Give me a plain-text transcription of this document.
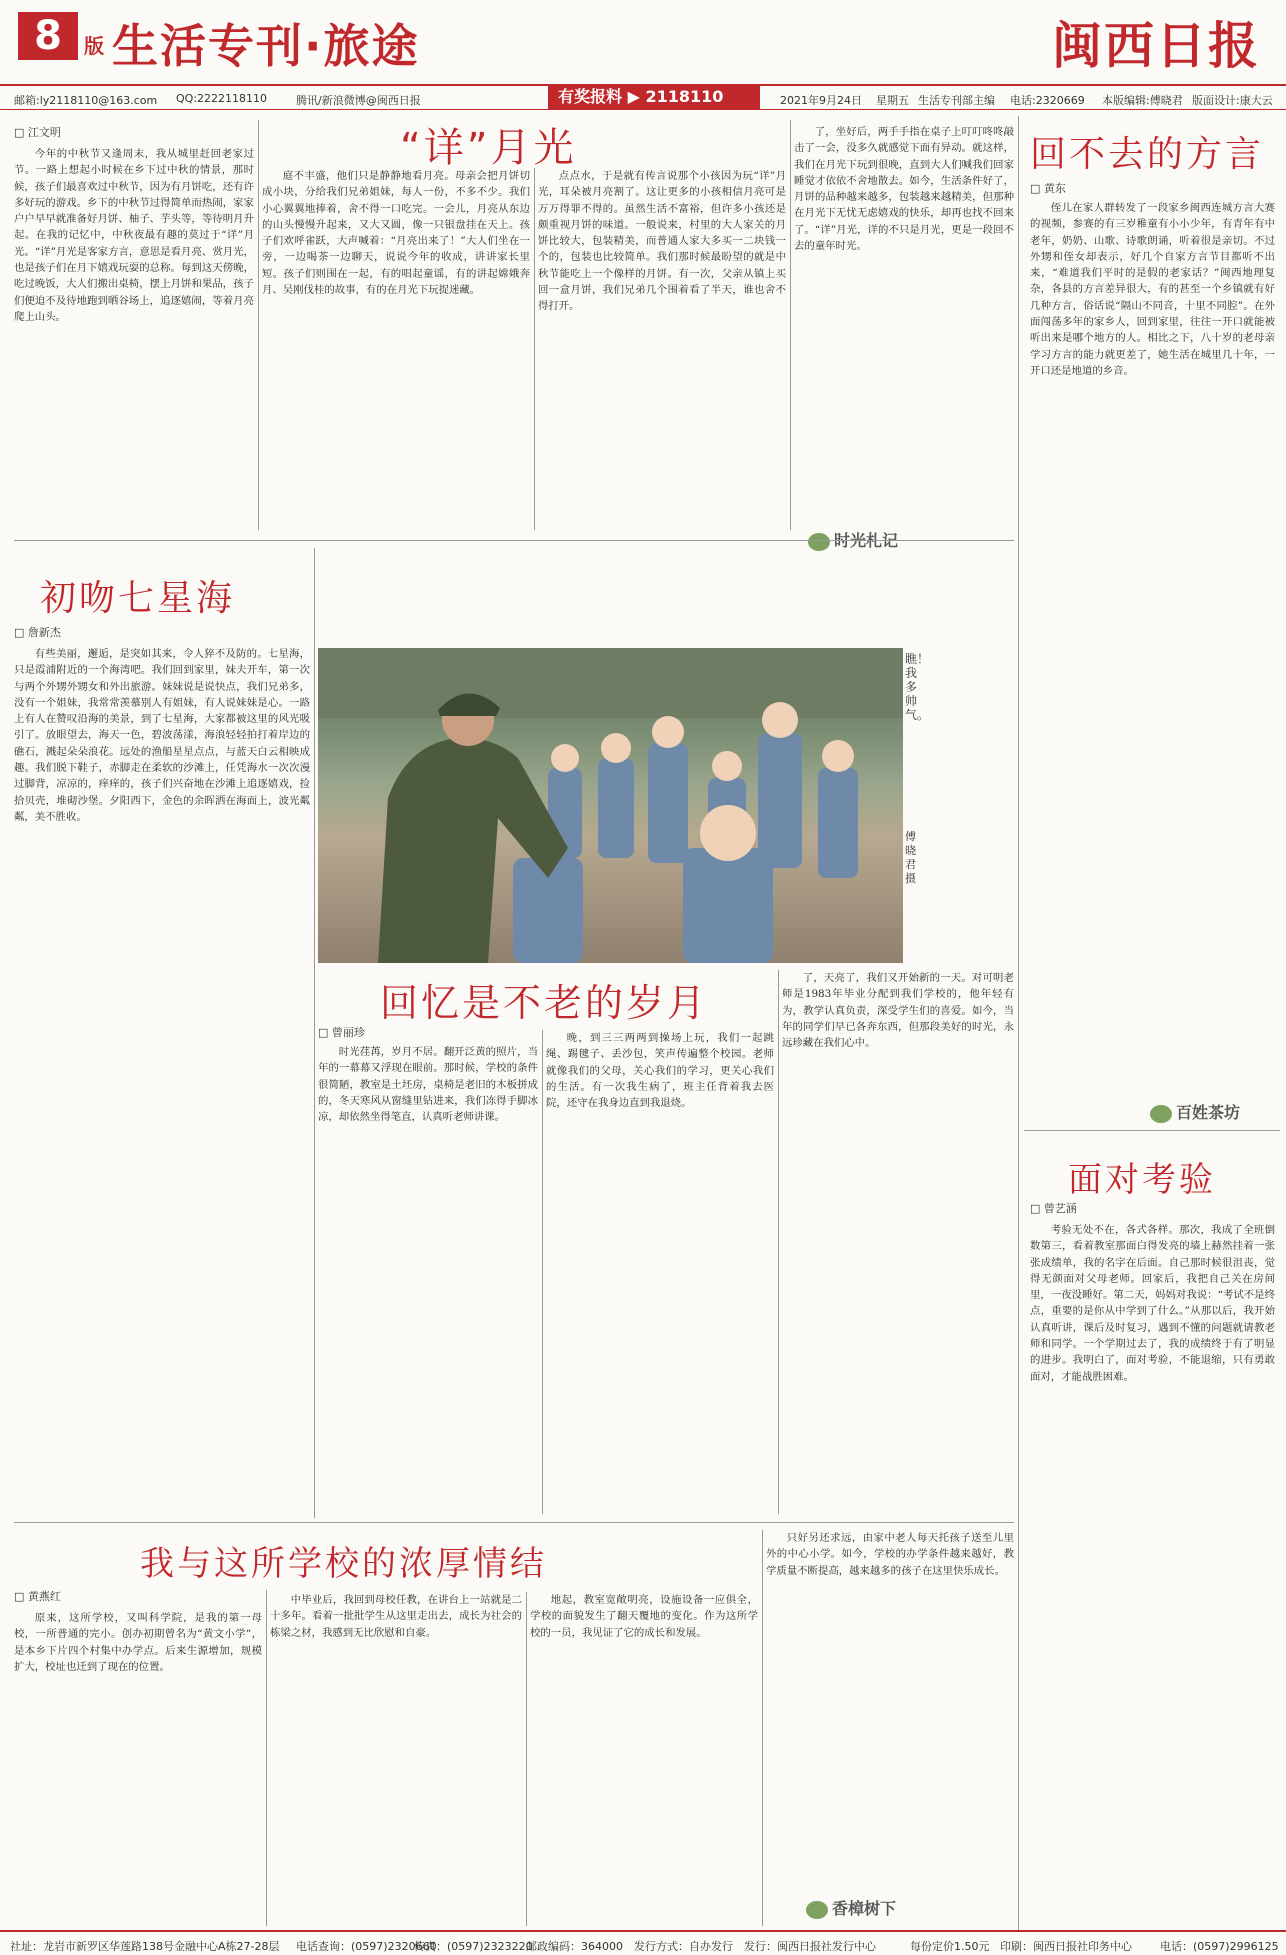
8	版 生活专刊·旅途	闽西日报
邮箱:ly2118110@163.com QQ:2222118110	腾讯/新浪微博@闽西日报	2021年9月24日 星期五 生活专刊部主编 电话:2320669 本版编辑:傅晓君 版面设计:康大云
有奖报料 ▶ 2118110
“详”月光
□ 江文明

今年的中秋节又逢周末，我从城里赶回老家过节。一路上想起小时候在乡下过中秋的情景，那时候，孩子们最喜欢过中秋节，因为有月饼吃，还有许多好玩的游戏。乡下的中秋节过得简单而热闹，家家户户早早就准备好月饼、柚子、芋头等，等待明月升起。在我的记忆中，中秋夜最有趣的莫过于“详”月光。“详”月光是客家方言，意思是看月亮、赏月光，也是孩子们在月下嬉戏玩耍的总称。每到这天傍晚，吃过晚饭，大人们搬出桌椅，摆上月饼和果品，孩子们便迫不及待地跑到晒谷场上，追逐嬉闹，等着月亮爬上山头。

庭不丰盛，他们只是静静地看月亮。母亲会把月饼切成小块，分给我们兄弟姐妹，每人一份，不多不少。我们小心翼翼地捧着，舍不得一口吃完。一会儿，月亮从东边的山头慢慢升起来，又大又圆，像一只银盘挂在天上。孩子们欢呼雀跃，大声喊着：“月亮出来了！”大人们坐在一旁，一边喝茶一边聊天，说说今年的收成，讲讲家长里短。孩子们则围在一起，有的唱起童谣，有的讲起嫦娥奔月、吴刚伐桂的故事，有的在月光下玩捉迷藏。

点点水，于是就有传言说那个小孩因为玩“详”月光，耳朵被月亮割了。这让更多的小孩相信月亮可是万万得罪不得的。虽然生活不富裕，但许多小孩还是颇重视月饼的味道。一般说来，村里的大人家关的月饼比较大，包装精美，而普通人家大多买一二块钱一个的，包装也比较简单。我们那时候最盼望的就是中秋节能吃上一个像样的月饼。有一次，父亲从镇上买回一盒月饼，我们兄弟几个围着看了半天，谁也舍不得打开。

了，坐好后，两手手指在桌子上叮叮咚咚敲击了一会，没多久就感觉下面有异动。就这样，我们在月光下玩到很晚，直到大人们喊我们回家睡觉才依依不舍地散去。如今，生活条件好了，月饼的品种越来越多，包装越来越精美，但那种在月光下无忧无虑嬉戏的快乐，却再也找不回来了。“详”月光，详的不只是月光，更是一段回不去的童年时光。

时光札记
回不去的方言
□ 黄东

侄儿在家人群转发了一段家乡闽西连城方言大赛的视频，参赛的有三岁稚童有小小少年，有青年有中老年，奶奶、山歌、诗歌朗诵，听着很是亲切。不过外甥和侄女却表示，好几个自家方言节目都听不出来，“难道我们平时的是假的老家话？”闽西地理复杂，各县的方言差异很大，有的甚至一个乡镇就有好几种方言，俗话说“隔山不同音，十里不同腔”。在外面闯荡多年的家乡人，回到家里，往往一开口就能被听出来是哪个地方的人。相比之下，八十岁的老母亲学习方言的能力就更差了，她生活在城里几十年，一开口还是地道的乡音。

百姓茶坊
面对考验
□ 曾艺涵

考验无处不在，各式各样。那次，我成了全班倒数第三，看着教室那面白得发亮的墙上赫然挂着一张张成绩单，我的名字在后面。自己那时候很沮丧，觉得无颜面对父母老师。回家后，我把自己关在房间里，一夜没睡好。第二天，妈妈对我说：“考试不是终点，重要的是你从中学到了什么。”从那以后，我开始认真听讲，课后及时复习，遇到不懂的问题就请教老师和同学。一个学期过去了，我的成绩终于有了明显的进步。我明白了，面对考验，不能退缩，只有勇敢面对，才能战胜困难。

初吻七星海
□ 詹新杰

有些美丽，邂逅，是突如其来，令人猝不及防的。七星海，只是霞浦附近的一个海湾吧。我们回到家里，妹夫开车，第一次与两个外甥外甥女和外出旅游。妹妹说是说快点，我们兄弟多，没有一个姐妹，我常常羡慕别人有姐妹，有人说妹妹是心。一路上有人在赞叹沿海的美景，到了七星海，大家都被这里的风光吸引了。放眼望去，海天一色，碧波荡漾，海浪轻轻拍打着岸边的礁石，溅起朵朵浪花。远处的渔船星星点点，与蓝天白云相映成趣。我们脱下鞋子，赤脚走在柔软的沙滩上，任凭海水一次次漫过脚背，凉凉的，痒痒的，孩子们兴奋地在沙滩上追逐嬉戏，捡拾贝壳，堆砌沙堡。夕阳西下，金色的余晖洒在海面上，波光粼粼，美不胜收。

瞧！我多帅气。
傅晓君 摄
回忆是不老的岁月
□ 曾丽珍

时光荏苒，岁月不居。翻开泛黄的照片，当年的一幕幕又浮现在眼前。那时候，学校的条件很简陋，教室是土坯房，桌椅是老旧的木板拼成的，冬天寒风从窗缝里钻进来，我们冻得手脚冰凉，却依然坐得笔直，认真听老师讲课。

晚，到三三两两到操场上玩，我们一起跳绳、踢毽子、丢沙包，笑声传遍整个校园。老师就像我们的父母，关心我们的学习，更关心我们的生活。有一次我生病了，班主任背着我去医院，还守在我身边直到我退烧。

了，天亮了，我们又开始新的一天。对可明老师是1983年毕业分配到我们学校的，他年轻有为，教学认真负责，深受学生们的喜爱。如今，当年的同学们早已各奔东西，但那段美好的时光，永远珍藏在我们心中。

我与这所学校的浓厚情结
□ 黄燕红

原来，这所学校，又叫科学院，是我的第一母校，一所普通的完小。创办初期曾名为“黄文小学”，是本乡下片四个村集中办学点。后来生源增加，规模扩大，校址也迁到了现在的位置。

中毕业后，我回到母校任教，在讲台上一站就是二十多年。看着一批批学生从这里走出去，成长为社会的栋梁之材，我感到无比欣慰和自豪。

地起，教室宽敞明亮，设施设备一应俱全，学校的面貌发生了翻天覆地的变化。作为这所学校的一员，我见证了它的成长和发展。

只好另还求远，由家中老人每天托孩子送至儿里外的中心小学。如今，学校的办学条件越来越好，教学质量不断提高，越来越多的孩子在这里快乐成长。

香樟树下
社址：龙岩市新罗区华莲路138号金融中心A栋27-28层 电话查询：(0597)2320660
传真：(0597)2323220
邮政编码：364000 发行方式：自办发行 发行：闽西日报社发行中心	每份定价1.50元 印刷：闽西日报社印务中心	电话：(0597)2996125
